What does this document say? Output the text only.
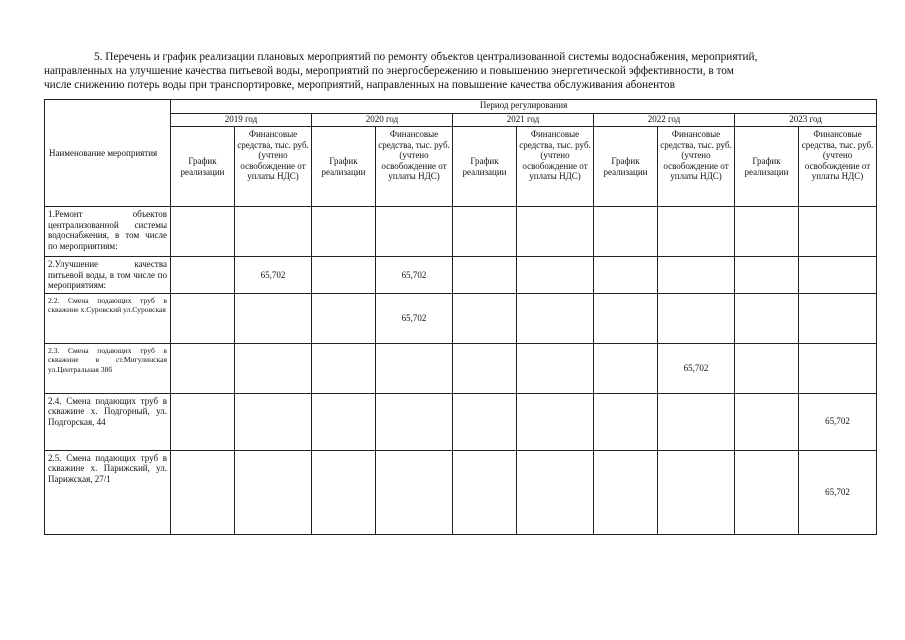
5. Перечень и график реализации плановых мероприятий по ремонту объектов централизованной системы водоснабжения, мероприятий,
направленных на улучшение качества питьевой воды, мероприятий по энергосбережению и повышению энергетической эффективности, в том
числе снижению потерь воды при транспортировке, мероприятий, направленных на повышение качества обслуживания абонентов
Наименование мероприятия	Период регулирования									
	2019 год		2020 год		2021 год		2022 год		2023 год	
	График реализации	Финансовые средства, тыс. руб. (учтено освобождение от уплаты НДС)	График реализации	Финансовые средства, тыс. руб. (учтено освобождение от уплаты НДС)	График реализации	Финансовые средства, тыс. руб. (учтено освобождение от уплаты НДС)	График реализации	Финансовые средства, тыс. руб. (учтено освобождение от уплаты НДС)	График реализации	Финансовые средства, тыс. руб. (учтено освобождение от уплаты НДС)
1.Ремонт объектов централизованной системы водоснабжения, в том числе по мероприятиям:										
2.Улучшение качества питьевой воды, в том числе по мероприятиям:		65,702		65,702						
2.2. Смена подающих труб в скважине х.Суровский ул.Суровская				65,702						
2.3. Смена подающих труб в скважине в ст.Мигулинская ул.Центральная 38б								65,702		
2.4. Смена подающих труб в скважине х. Подгорный, ул. Подгорская, 44										65,702
2.5. Смена подающих труб в скважине х. Парижский, ул. Парижская, 27/1										65,702
